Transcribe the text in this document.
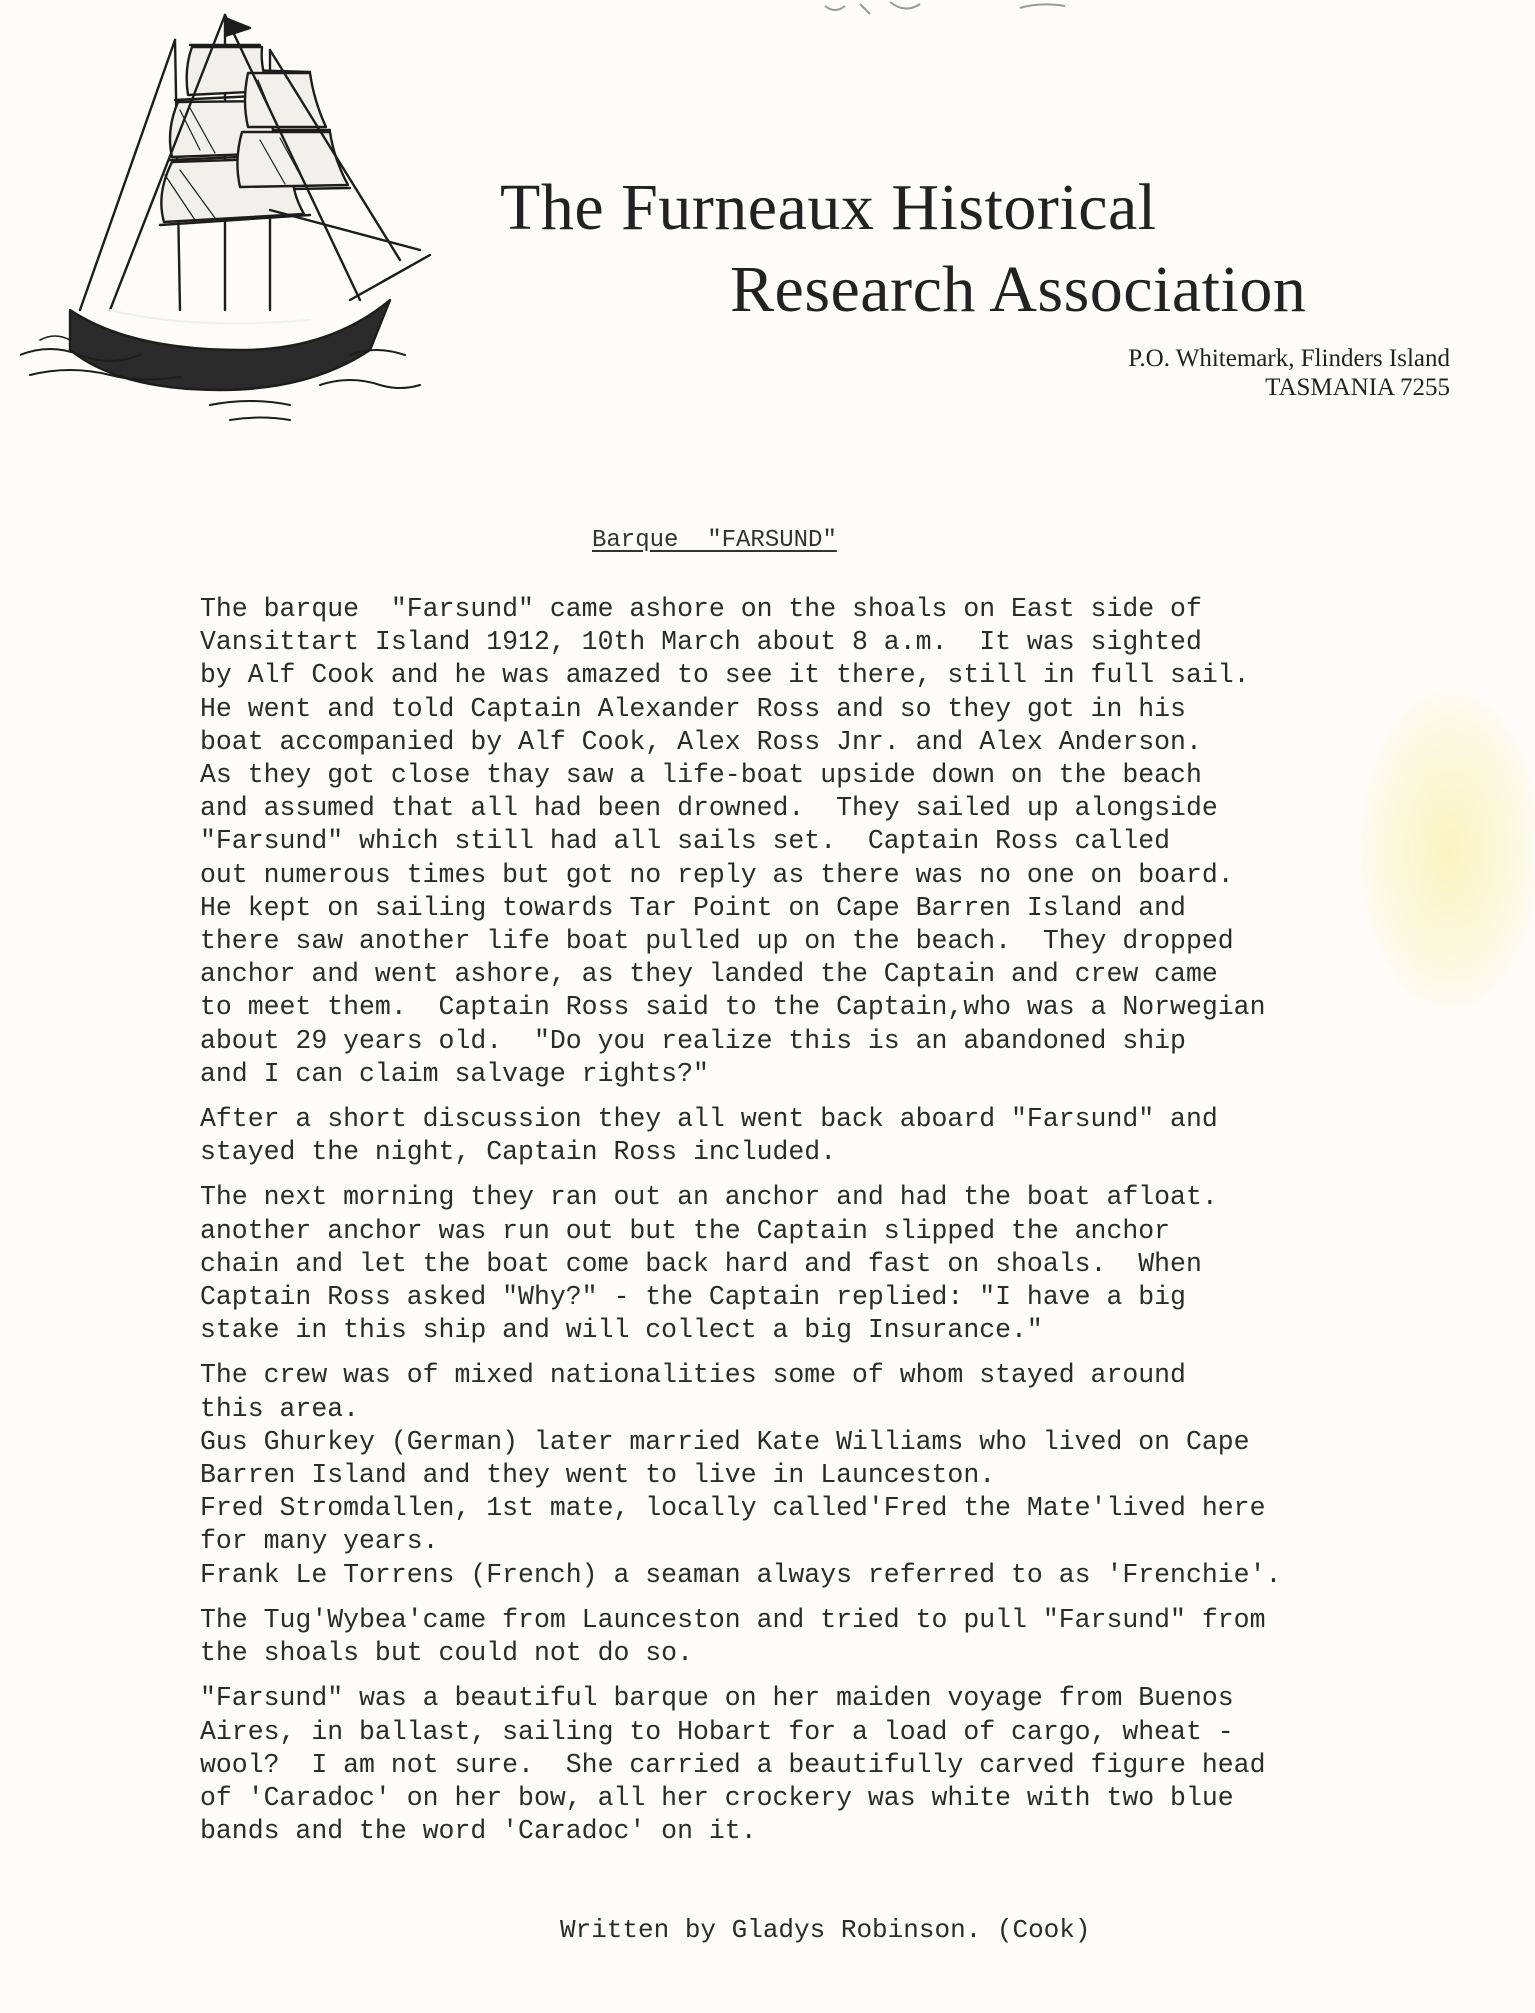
The Furneaux Historical
Research Association
P.O. Whitemark, Flinders Island
TASMANIA 7255
Barque  "FARSUND"
The barque  "Farsund" came ashore on the shoals on East side of
Vansittart Island 1912, 10th March about 8 a.m.  It was sighted
by Alf Cook and he was amazed to see it there, still in full sail.
He went and told Captain Alexander Ross and so they got in his
boat accompanied by Alf Cook, Alex Ross Jnr. and Alex Anderson.
As they got close thay saw a life-boat upside down on the beach
and assumed that all had been drowned.  They sailed up alongside
"Farsund" which still had all sails set.  Captain Ross called
out numerous times but got no reply as there was no one on board.
He kept on sailing towards Tar Point on Cape Barren Island and
there saw another life boat pulled up on the beach.  They dropped
anchor and went ashore, as they landed the Captain and crew came
to meet them.  Captain Ross said to the Captain,who was a Norwegian
about 29 years old.  "Do you realize this is an abandoned ship
and I can claim salvage rights?"
After a short discussion they all went back aboard "Farsund" and
stayed the night, Captain Ross included.
The next morning they ran out an anchor and had the boat afloat.
another anchor was run out but the Captain slipped the anchor
chain and let the boat come back hard and fast on shoals.  When
Captain Ross asked "Why?" - the Captain replied: "I have a big
stake in this ship and will collect a big Insurance."
The crew was of mixed nationalities some of whom stayed around
this area.
Gus Ghurkey (German) later married Kate Williams who lived on Cape
Barren Island and they went to live in Launceston.
Fred Stromdallen, 1st mate, locally called'Fred the Mate'lived here
for many years.
Frank Le Torrens (French) a seaman always referred to as 'Frenchie'.
The Tug'Wybea'came from Launceston and tried to pull "Farsund" from
the shoals but could not do so.
"Farsund" was a beautiful barque on her maiden voyage from Buenos
Aires, in ballast, sailing to Hobart for a load of cargo, wheat -
wool?  I am not sure.  She carried a beautifully carved figure head
of 'Caradoc' on her bow, all her crockery was white with two blue
bands and the word 'Caradoc' on it.
Written by Gladys Robinson. (Cook)
